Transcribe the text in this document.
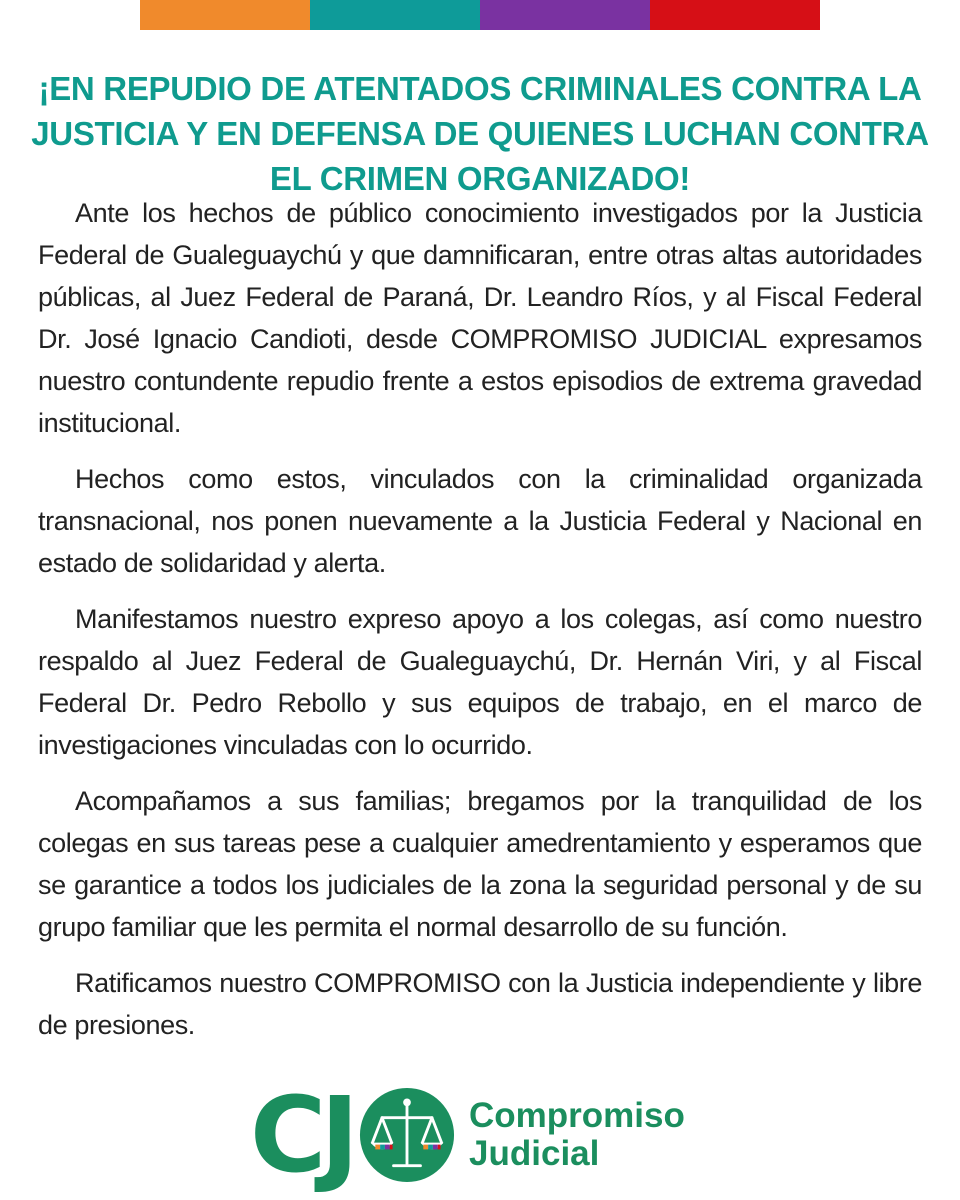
¡EN REPUDIO DE ATENTADOS CRIMINALES CONTRA LA JUSTICIA Y EN DEFENSA DE QUIENES LUCHAN CONTRA EL CRIMEN ORGANIZADO!

Ante los hechos de público conocimiento investigados por la Justicia Federal de Gualeguaychú y que damnificaran, entre otras altas autoridades públicas, al Juez Federal de Paraná, Dr. Leandro Ríos, y al Fiscal Federal Dr. José Ignacio Candioti, desde COMPROMISO JUDICIAL expresamos nuestro contundente repudio frente a estos episodios de extrema gravedad institucional.

Hechos como estos, vinculados con la criminalidad organizada transnacional, nos ponen nuevamente a la Justicia Federal y Nacional en estado de solidaridad y alerta.

Manifestamos nuestro expreso apoyo a los colegas, así como nuestro respaldo al Juez Federal de Gualeguaychú, Dr. Hernán Viri, y al Fiscal Federal Dr. Pedro Rebollo y sus equipos de trabajo, en el marco de investigaciones vinculadas con lo ocurrido.

Acompañamos a sus familias; bregamos por la tranquilidad de los colegas en sus tareas pese a cualquier amedrentamiento y esperamos que se garantice a todos los judiciales de la zona la seguridad personal y de su grupo familiar que les permita el normal desarrollo de su función.

Ratificamos nuestro COMPROMISO con la Justicia independiente y libre de presiones.

CJ	Compromiso
Judicial
